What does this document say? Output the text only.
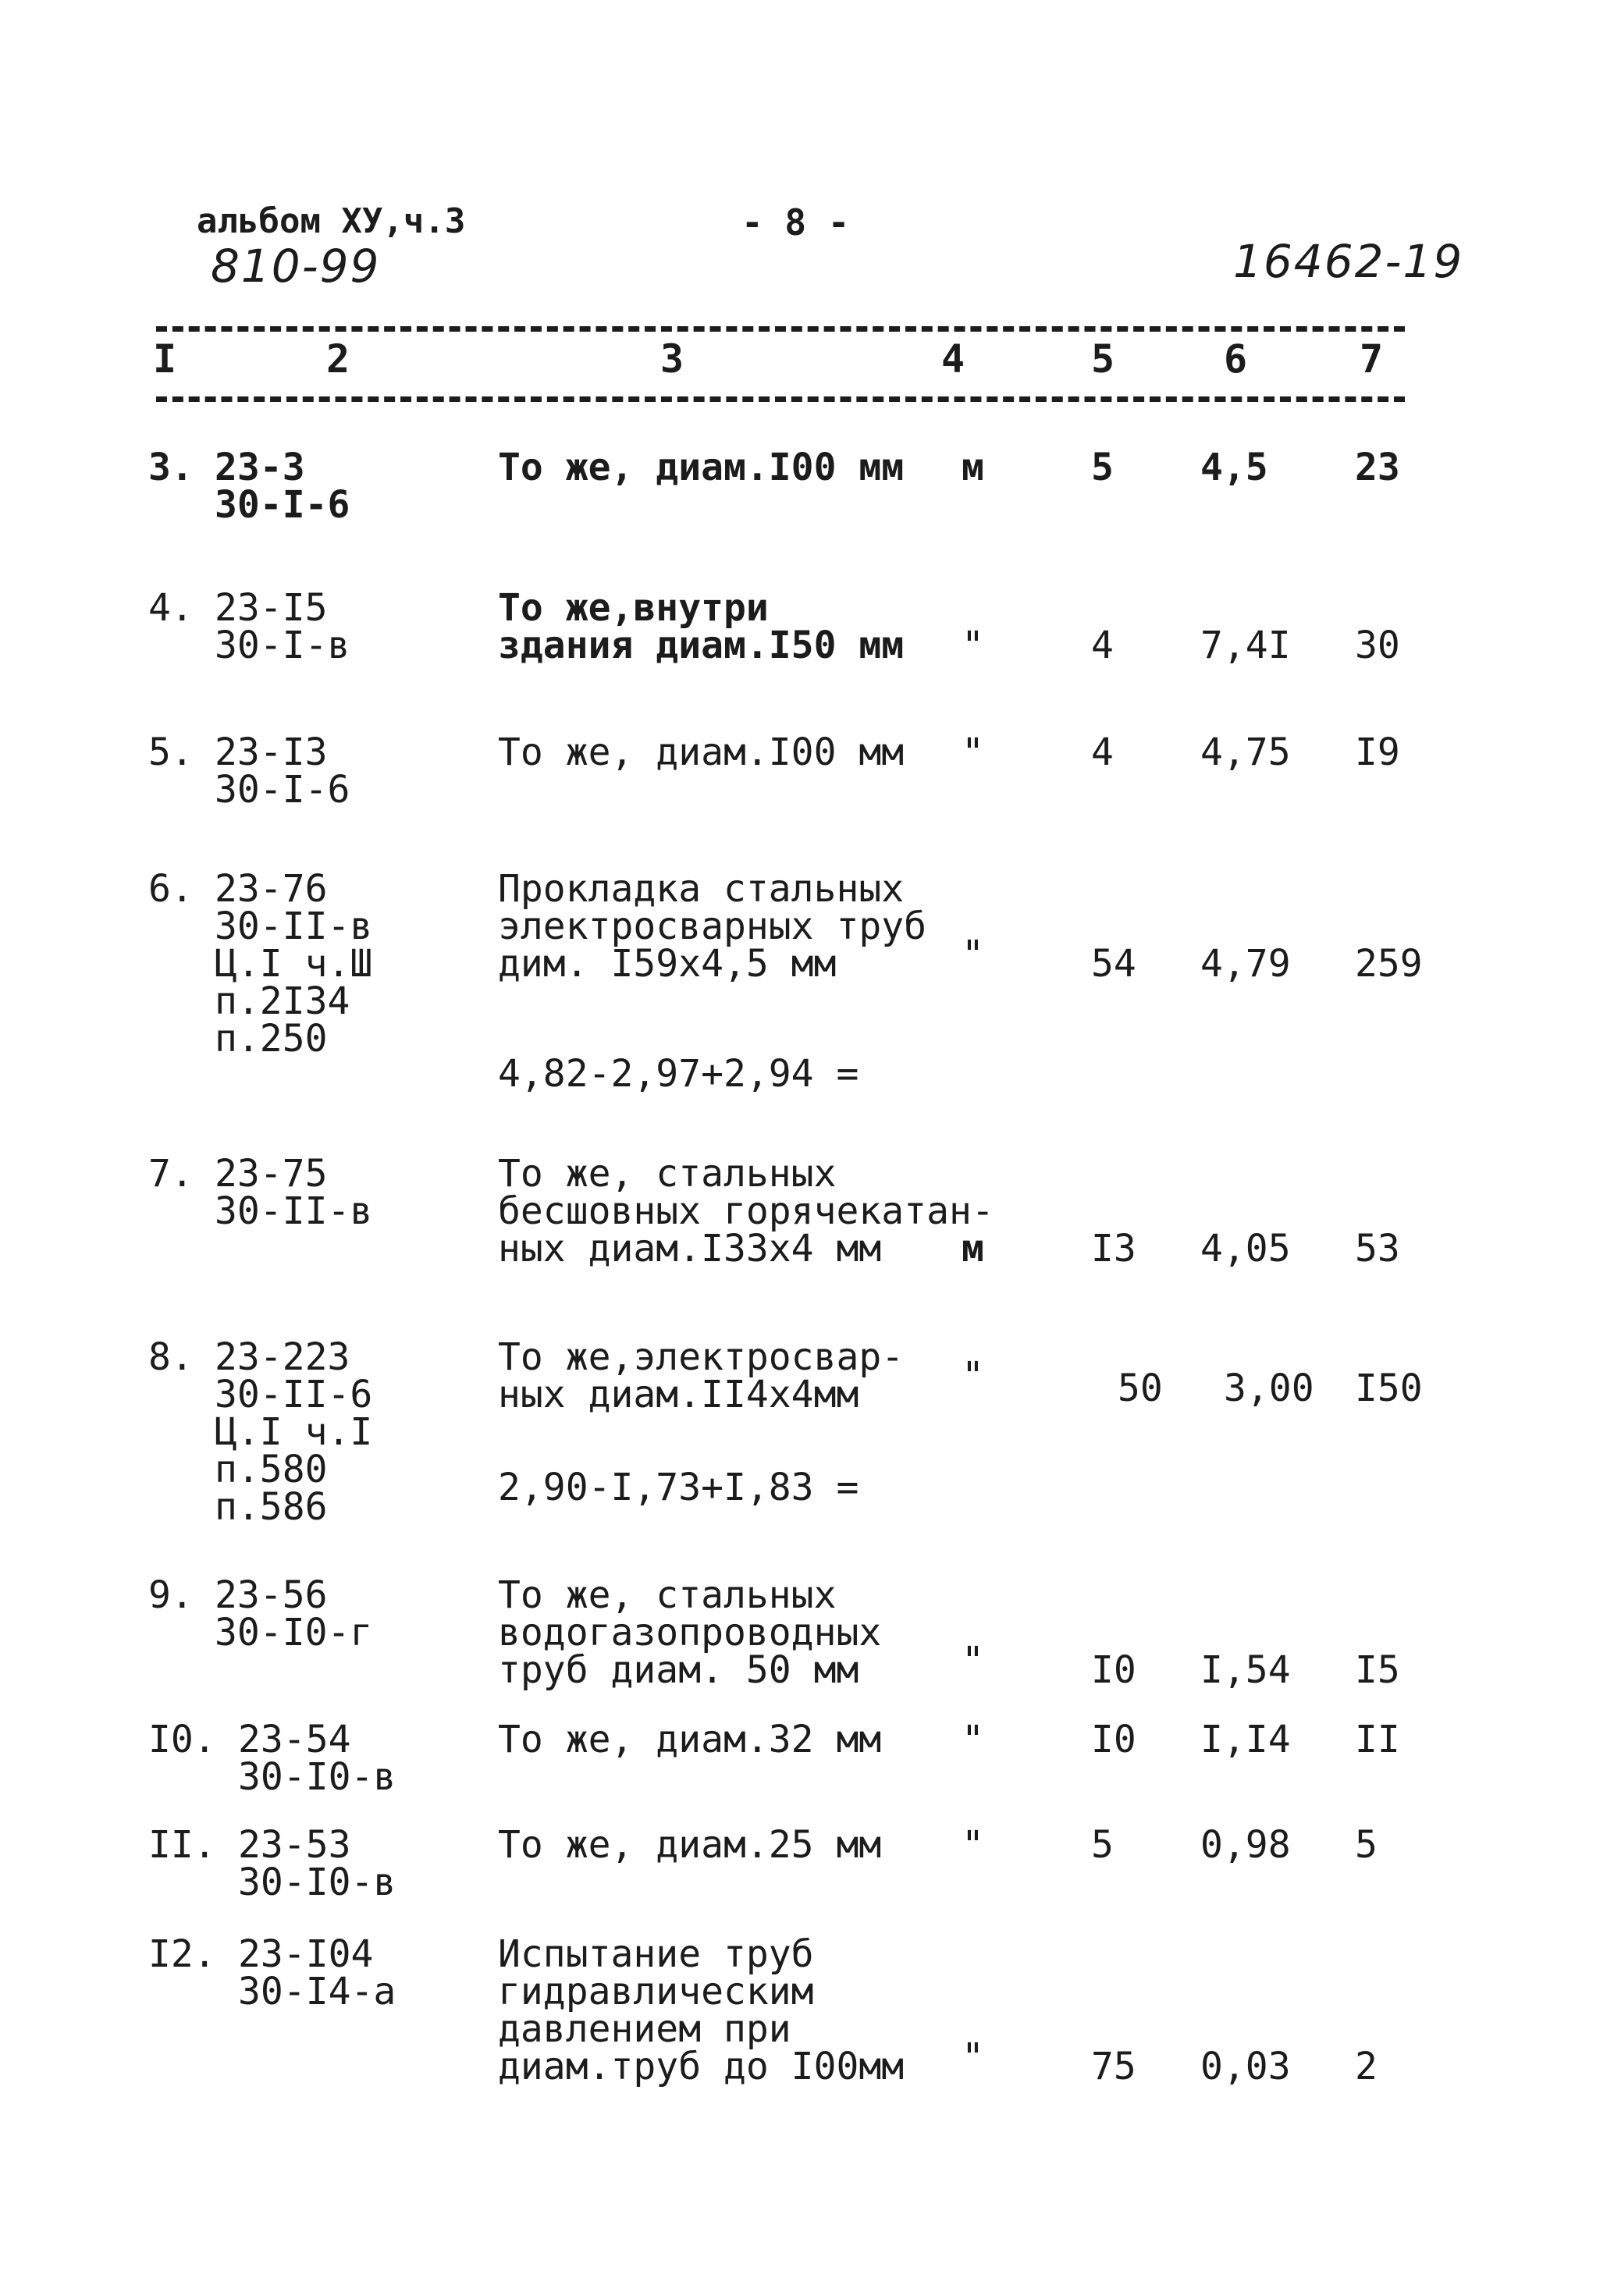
альбом ХУ,ч.3	- 8 -
810-99	16462-19
I	2	3	4	5	6	7
3. 23-3
30-I-6
То же, диам.I00 мм м	5 4,5 23
4. 23-I5
30-I-в
То же,внутри
здания диам.I50 мм "	4 7,4I 30
5. 23-I3
30-I-6
То же, диам.I00 мм "	4 4,75 I9
6. 23-76
30-II-в
Ц.I ч.Ш
п.2I34
п.250
Прокладка стальных
электросварных труб
дим. I59х4,5 мм	"	54 4,79 259
4,82-2,97+2,94 =
7. 23-75
30-II-в
То же, стальных
бесшовных горячекатан-
ных диам.I33х4 мм	м	I3 4,05 53
8. 23-223
30-II-6
Ц.I ч.I
п.580
п.586
То же,электросвар-
ных диам.II4х4мм	"	50 3,00 I50
2,90-I,73+I,83 =
9. 23-56
30-I0-г
То же, стальных
водогазопроводных
труб диам. 50 мм	"	I0 I,54 I5
I0. 23-54
30-I0-в
То же, диам.32 мм "	I0 I,I4 II
II. 23-53
30-I0-в
То же, диам.25 мм "	5 0,98 5
I2. 23-I04
30-I4-а
Испытание труб
гидравлическим
давлением при
диам.труб до I00мм "	75 0,03 2
